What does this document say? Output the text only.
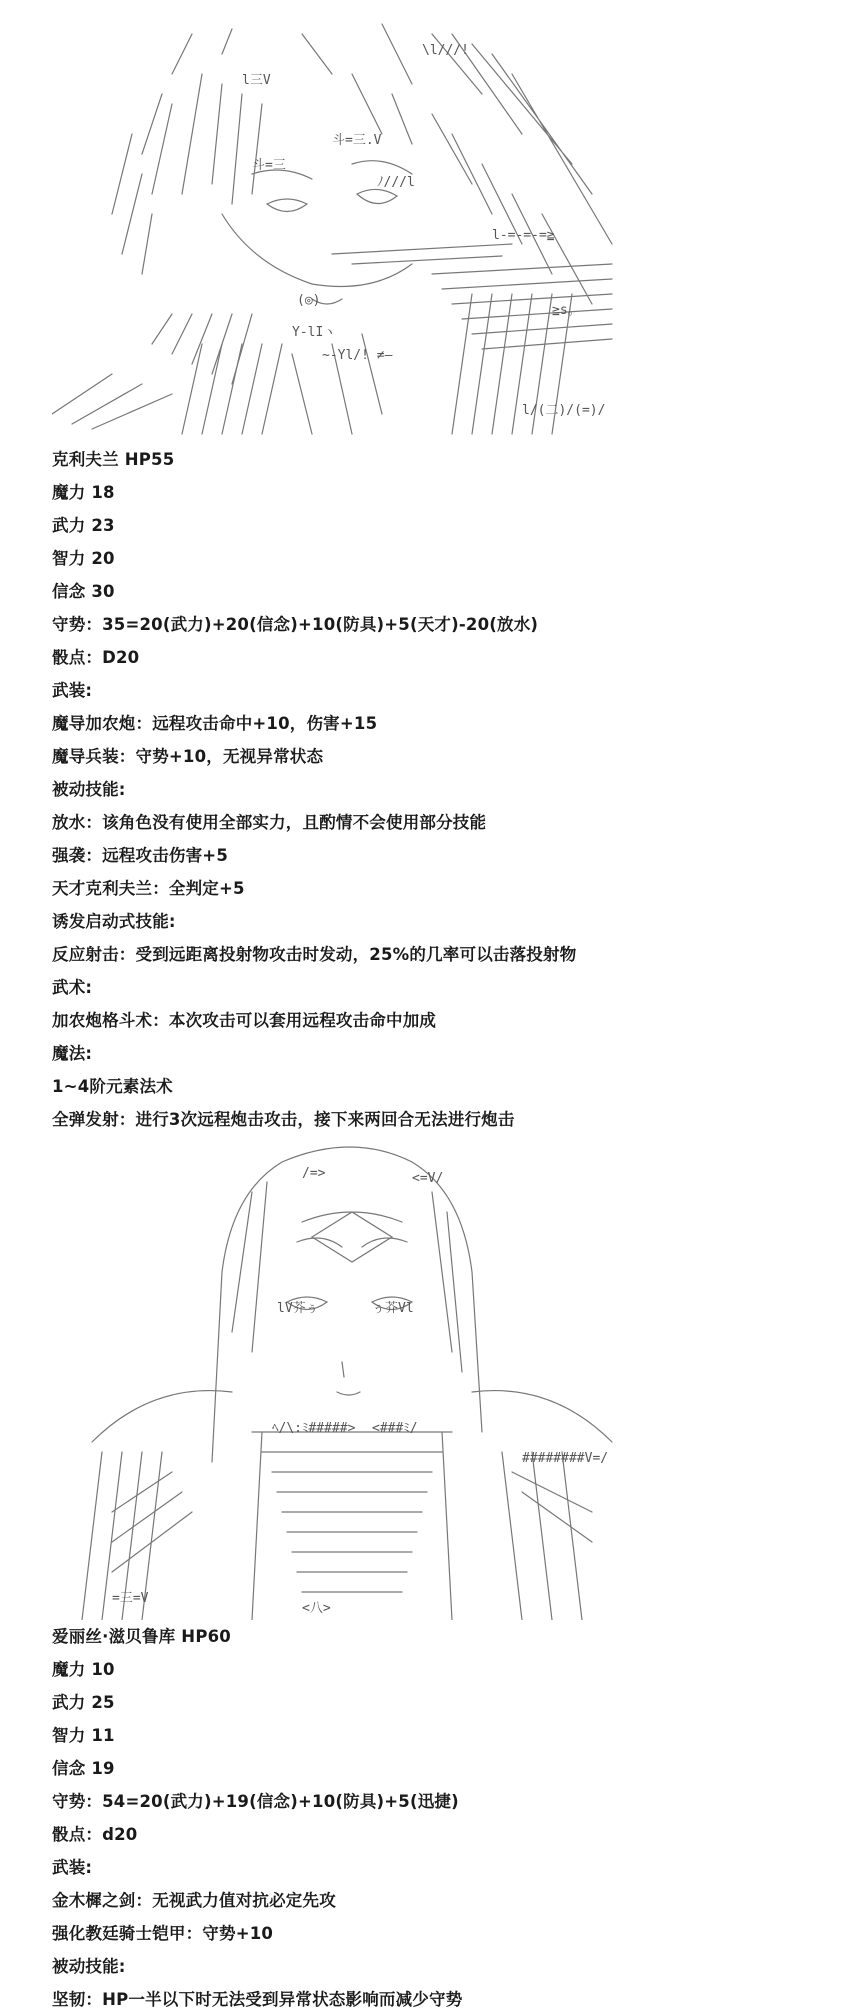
\l///!
l三V
斗=三.V
斗=三
ﾉ///l
(◎)
Y-lIヽ
~-Yl/! ≠—
l-=-=-=≧
≧s。
l/(二)/(=)/
克利夫兰 HP55
魔力 18
武力 23
智力 20
信念 30
守势：35=20(武力)+20(信念)+10(防具)+5(天才)-20(放水)
骰点：D20
武装:
魔导加农炮：远程攻击命中+10，伤害+15
魔导兵装：守势+10，无视异常状态
被动技能:
放水：该角色没有使用全部实力，且酌情不会使用部分技能
强袭：远程攻击伤害+5
天才克利夫兰：全判定+5
诱发启动式技能:
反应射击：受到远距离投射物攻击时发动，25%的几率可以击落投射物
武术:
加农炮格斗术：本次攻击可以套用远程攻击命中加成
魔法:
1~4阶元素法术
全弹发射：进行3次远程炮击攻击，接下来两回合无法进行炮击
/=>	<=V/
lV芥ぅ	ぅ芥Vl
ﾍ/\:ﾐ#####> <###ﾐ/
########V=/
<八>
=三=V
爱丽丝·滋贝鲁库 HP60
魔力 10
武力 25
智力 11
信念 19
守势：54=20(武力)+19(信念)+10(防具)+5(迅捷)
骰点：d20
武装:
金木樨之剑：无视武力值对抗必定先攻
强化教廷骑士铠甲：守势+10
被动技能:
坚韧：HP一半以下时无法受到异常状态影响而减少守势
